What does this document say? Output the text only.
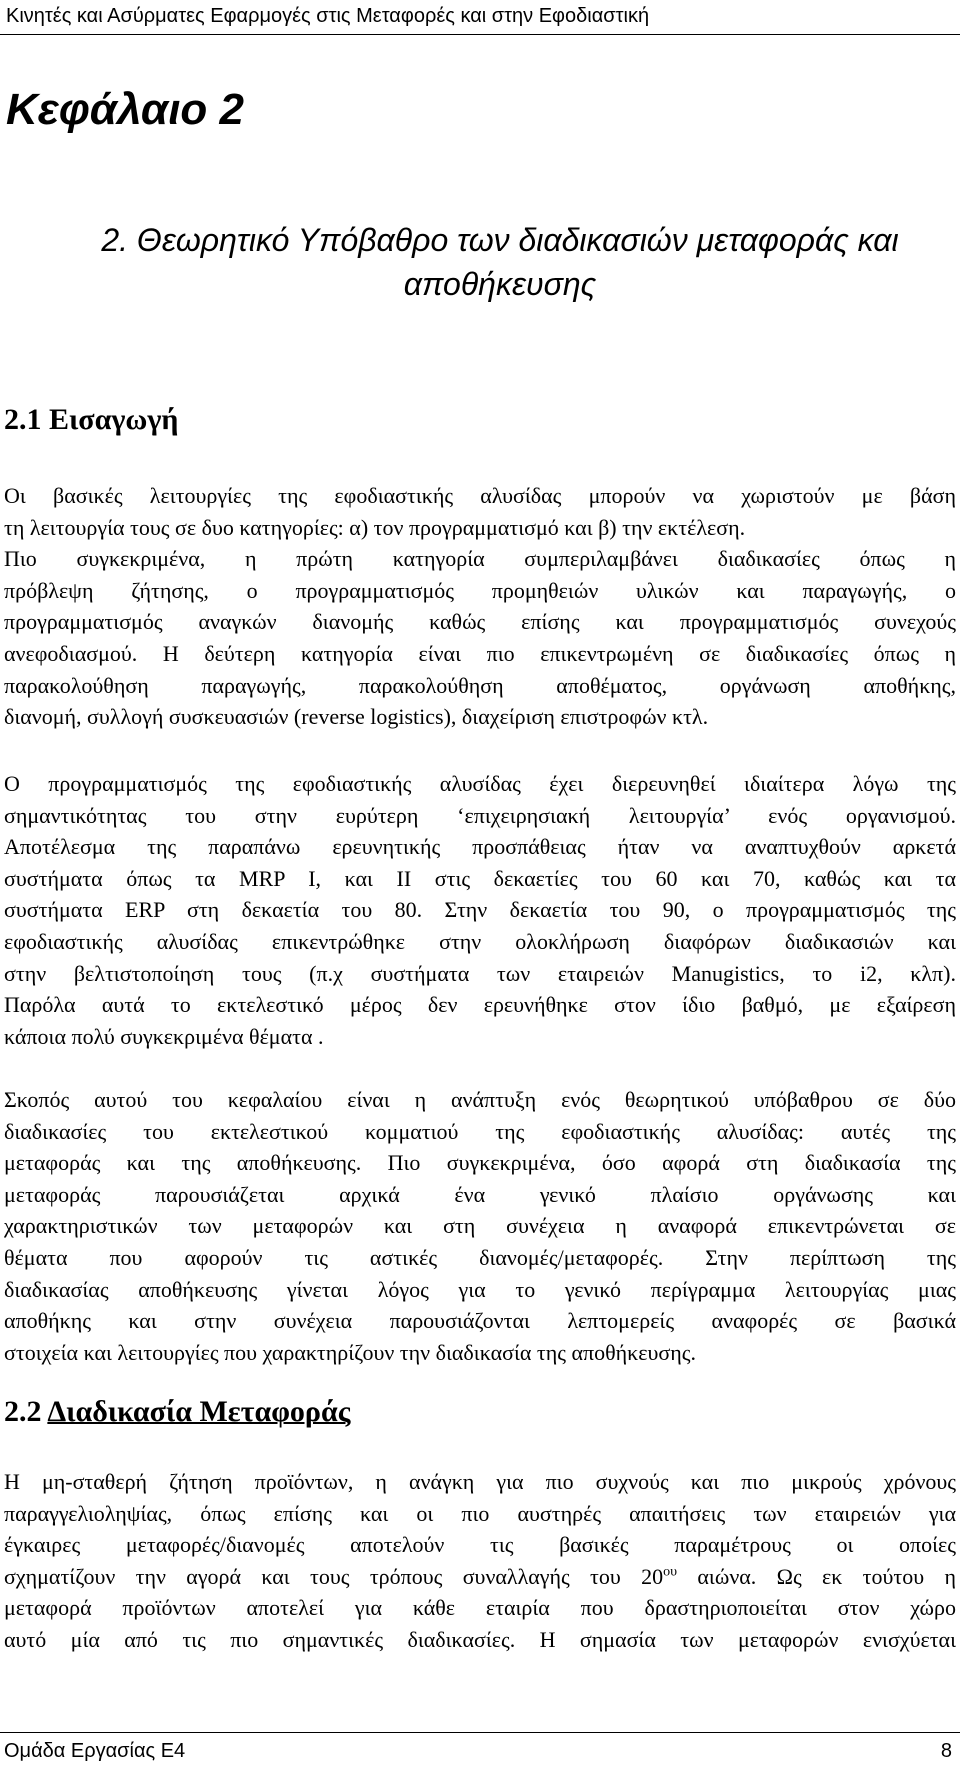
Κινητές και Ασύρματες Εφαρμογές στις Μεταφορές και στην Εφοδιαστική
Κεφάλαιο 2
2. Θεωρητικό Υπόβαθρο των διαδικασιών μεταφοράς και
αποθήκευσης
2.1 Εισαγωγή
Οι βασικές λειτουργίες της εφοδιαστικής αλυσίδας μπορούν να χωριστούν με βάση
τη λειτουργία τους σε δυο κατηγορίες: α) τον προγραμματισμό και β) την εκτέλεση.
Πιο συγκεκριμένα, η πρώτη κατηγορία συμπεριλαμβάνει διαδικασίες όπως η
πρόβλεψη ζήτησης, ο προγραμματισμός προμηθειών υλικών και παραγωγής, ο
προγραμματισμός αναγκών διανομής καθώς επίσης και προγραμματισμός συνεχούς
ανεφοδιασμού. Η δεύτερη κατηγορία είναι πιο επικεντρωμένη σε διαδικασίες όπως η
παρακολούθηση παραγωγής, παρακολούθηση αποθέματος, οργάνωση αποθήκης,
διανομή, συλλογή συσκευασιών (reverse logistics), διαχείριση επιστροφών κτλ.
Ο προγραμματισμός της εφοδιαστικής αλυσίδας έχει διερευνηθεί ιδιαίτερα λόγω της
σημαντικότητας του στην ευρύτερη ‘επιχειρησιακή λειτουργία’ ενός οργανισμού.
Αποτέλεσμα της παραπάνω ερευνητικής προσπάθειας ήταν να αναπτυχθούν αρκετά
συστήματα όπως τα MRP I, και II στις δεκαετίες του 60 και 70, καθώς και τα
συστήματα ERP στη δεκαετία του 80. Στην δεκαετία του 90, ο προγραμματισμός της
εφοδιαστικής αλυσίδας επικεντρώθηκε στην ολοκλήρωση διαφόρων διαδικασιών και
στην βελτιστοποίηση τους (π.χ συστήματα των εταιρειών Manugistics, το i2, κλπ).
Παρόλα αυτά το εκτελεστικό μέρος δεν ερευνήθηκε στον ίδιο βαθμό, με εξαίρεση
κάποια πολύ συγκεκριμένα θέματα .
Σκοπός αυτού του κεφαλαίου είναι η ανάπτυξη ενός θεωρητικού υπόβαθρου σε δύο
διαδικασίες του εκτελεστικού κομματιού της εφοδιαστικής αλυσίδας: αυτές της
μεταφοράς και της αποθήκευσης. Πιο συγκεκριμένα, όσο αφορά στη διαδικασία της
μεταφοράς παρουσιάζεται αρχικά ένα γενικό πλαίσιο οργάνωσης και
χαρακτηριστικών των μεταφορών και στη συνέχεια η αναφορά επικεντρώνεται σε
θέματα που αφορούν τις αστικές διανομές/μεταφορές. Στην περίπτωση της
διαδικασίας αποθήκευσης γίνεται λόγος για το γενικό περίγραμμα λειτουργίας μιας
αποθήκης και στην συνέχεια παρουσιάζονται λεπτομερείς αναφορές σε βασικά
στοιχεία και λειτουργίες που χαρακτηρίζουν την διαδικασία της αποθήκευσης.
2.2 Διαδικασία Μεταφοράς
Η μη-σταθερή ζήτηση προϊόντων, η ανάγκη για πιο συχνούς και πιο μικρούς χρόνους
παραγγελιοληψίας, όπως επίσης και οι πιο αυστηρές απαιτήσεις των εταιρειών για
έγκαιρες μεταφορές/διανομές αποτελούν τις βασικές παραμέτρους οι οποίες
σχηματίζουν την αγορά και τους τρόπους συναλλαγής του $20^{o\upsilon}$ αιώνα. Ως εκ τούτου η
μεταφορά προϊόντων αποτελεί για κάθε εταιρία που δραστηριοποιείται στον χώρο
αυτό μία από τις πιο σημαντικές διαδικασίες. Η σημασία των μεταφορών ενισχύεται
Ομάδα Εργασίας Ε4	8
